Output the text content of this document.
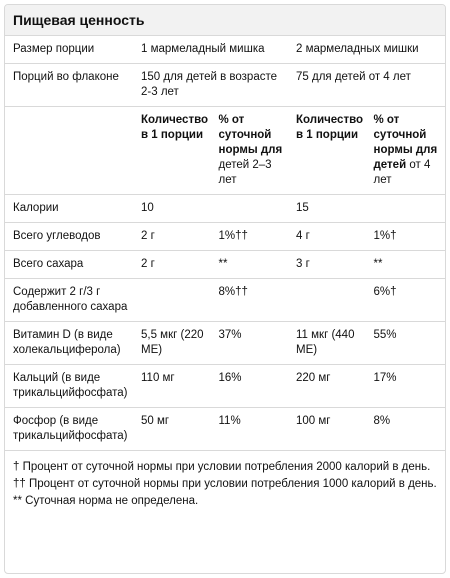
Пищевая ценность
Размер порции	1 мармеладный мишка		2 мармеладных мишки	
Порций во флаконе	150 для детей в возрасте 2-3 лет		75 для детей от 4 лет	
	Количество в 1 порции	% от суточной нормы для детей 2–3 лет	Количество в 1 порции	% от суточной нормы для детей от 4 лет
Калории	10		15	
Всего углеводов	2 г	1%††	4 г	1%†
Всего сахара	2 г	**	3 г	**
Содержит 2 г/3 г добавленного сахара		8%††		6%†
Витамин D (в виде холекальциферола)	5,5 мкг (220 МЕ)	37%	11 мкг (440 МЕ)	55%
Кальций (в виде трикальцийфосфата)	110 мг	16%	220 мг	17%
Фосфор (в виде трикальцийфосфата)	50 мг	11%	100 мг	8%
† Процент от суточной нормы при условии потребления 2000 калорий в день.
†† Процент от суточной нормы при условии потребления 1000 калорий в день.
** Суточная норма не определена.
